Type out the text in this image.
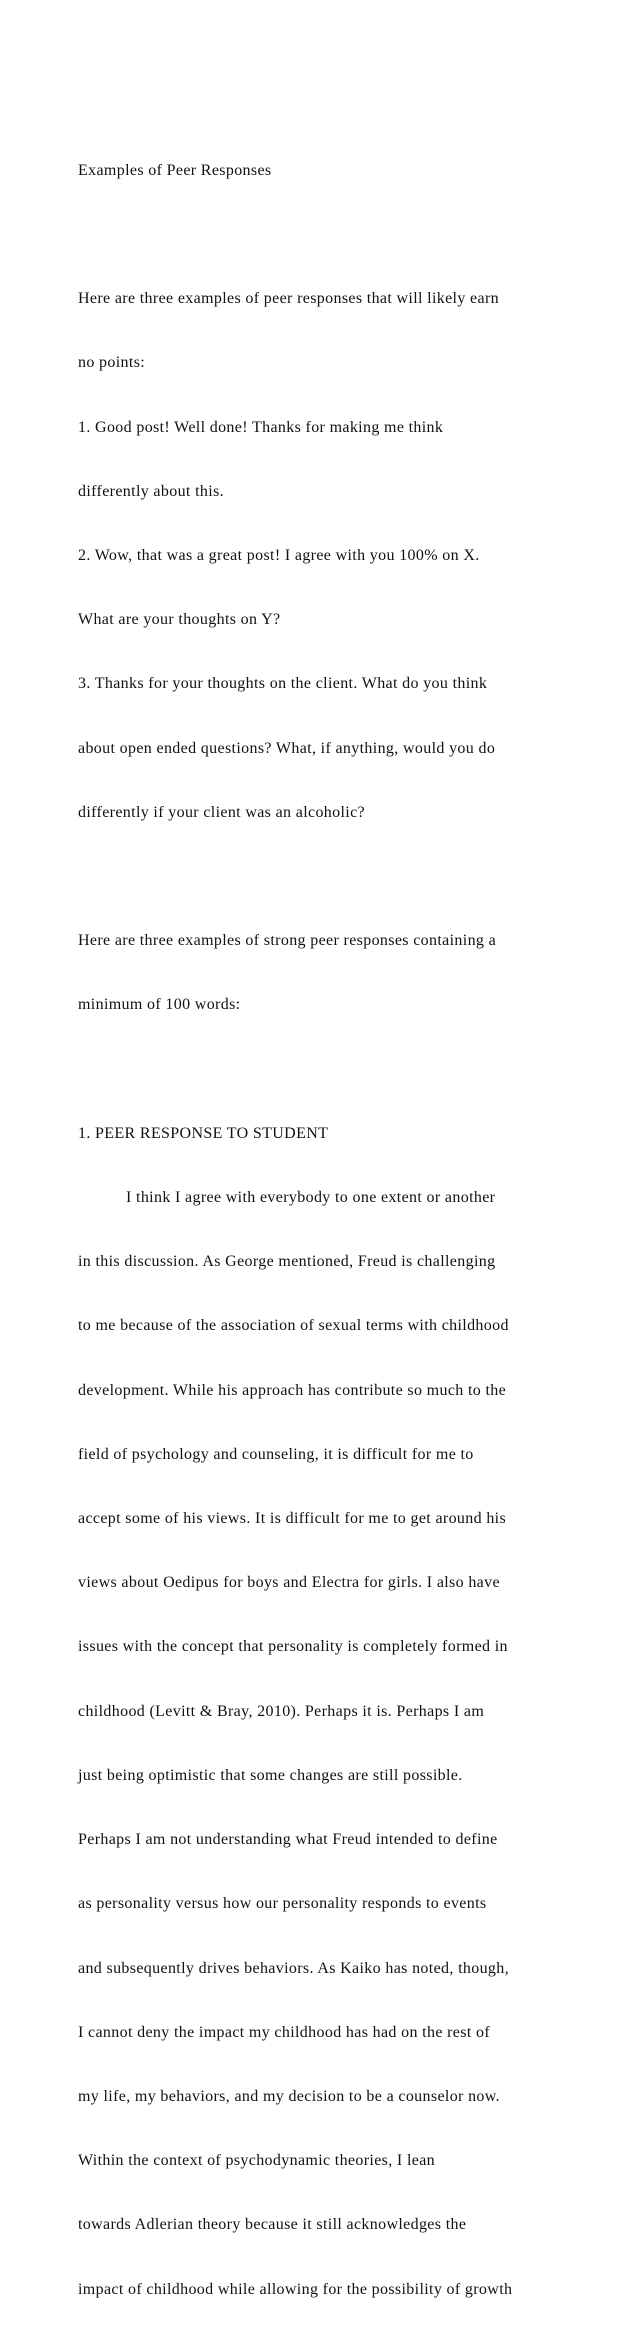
Examples of Peer Responses

Here are three examples of peer responses that will likely earn

no points:

1. Good post! Well done! Thanks for making me think

differently about this.

2. Wow, that was a great post! I agree with you 100% on X.

What are your thoughts on Y?

3. Thanks for your thoughts on the client. What do you think

about open ended questions? What, if anything, would you do

differently if your client was an alcoholic?

Here are three examples of strong peer responses containing a

minimum of 100 words:

1. PEER RESPONSE TO STUDENT

I think I agree with everybody to one extent or another

in this discussion. As George mentioned, Freud is challenging

to me because of the association of sexual terms with childhood

development. While his approach has contribute so much to the

field of psychology and counseling, it is difficult for me to

accept some of his views. It is difficult for me to get around his

views about Oedipus for boys and Electra for girls. I also have

issues with the concept that personality is completely formed in

childhood (Levitt & Bray, 2010). Perhaps it is. Perhaps I am

just being optimistic that some changes are still possible.

Perhaps I am not understanding what Freud intended to define

as personality versus how our personality responds to events

and subsequently drives behaviors. As Kaiko has noted, though,

I cannot deny the impact my childhood has had on the rest of

my life, my behaviors, and my decision to be a counselor now.

Within the context of psychodynamic theories, I lean

towards Adlerian theory because it still acknowledges the

impact of childhood while allowing for the possibility of growth
